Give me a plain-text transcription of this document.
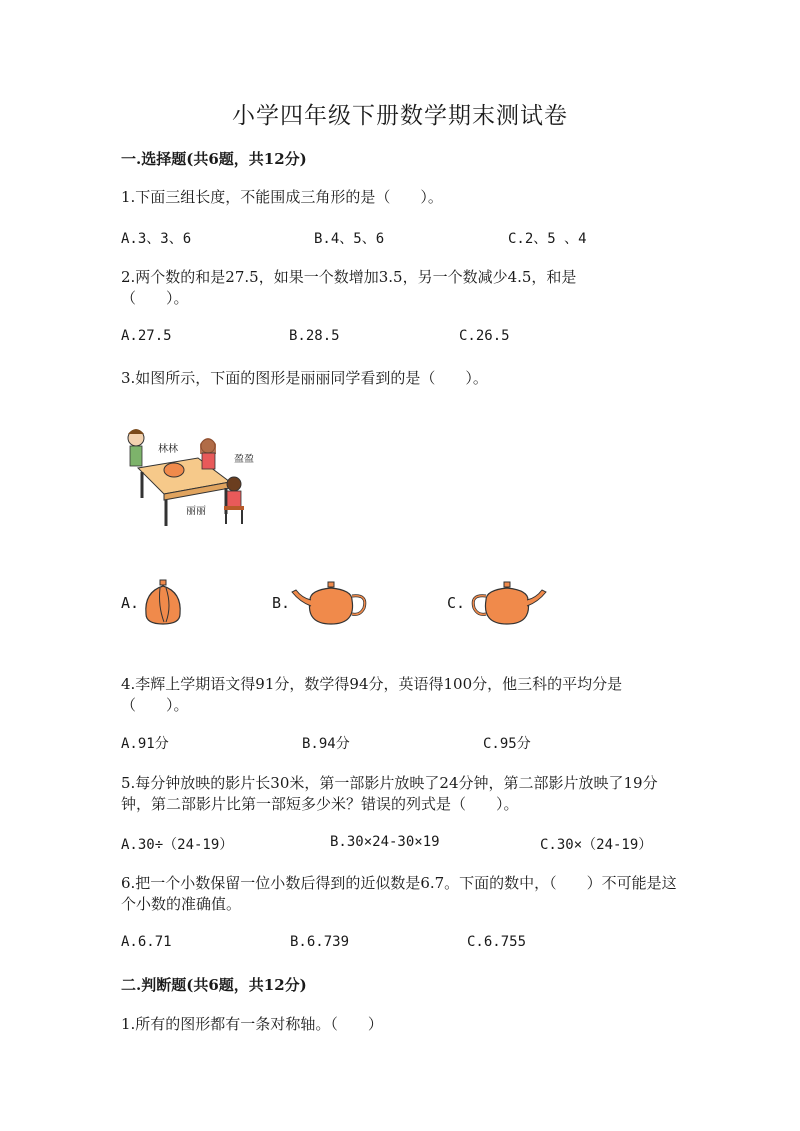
小学四年级下册数学期末测试卷
一.选择题(共6题，共12分)
1.下面三组长度，不能围成三角形的是（　　）。
A.3、3、6	B.4、5、6	C.2、5 、4
2.两个数的和是27.5，如果一个数增加3.5，另一个数减少4.5，和是（　　）。
A.27.5	B.28.5	C.26.5
3.如图所示，下面的图形是丽丽同学看到的是（　　）。
林林
盈盈
丽丽
A.	B.	C.
4.李辉上学期语文得91分，数学得94分，英语得100分，他三科的平均分是（　　）。
A.91分	B.94分	C.95分
5.每分钟放映的影片长30米，第一部影片放映了24分钟，第二部影片放映了19分钟，第二部影片比第一部短多少米？错误的列式是（　　）。
A.30÷（24-19）	B.30×24-30×19	C.30×（24-19）
6.把一个小数保留一位小数后得到的近似数是6.7。下面的数中，（　　）不可能是这个小数的准确值。
A.6.71	B.6.739	C.6.755
二.判断题(共6题，共12分)
1.所有的图形都有一条对称轴。（　　）
